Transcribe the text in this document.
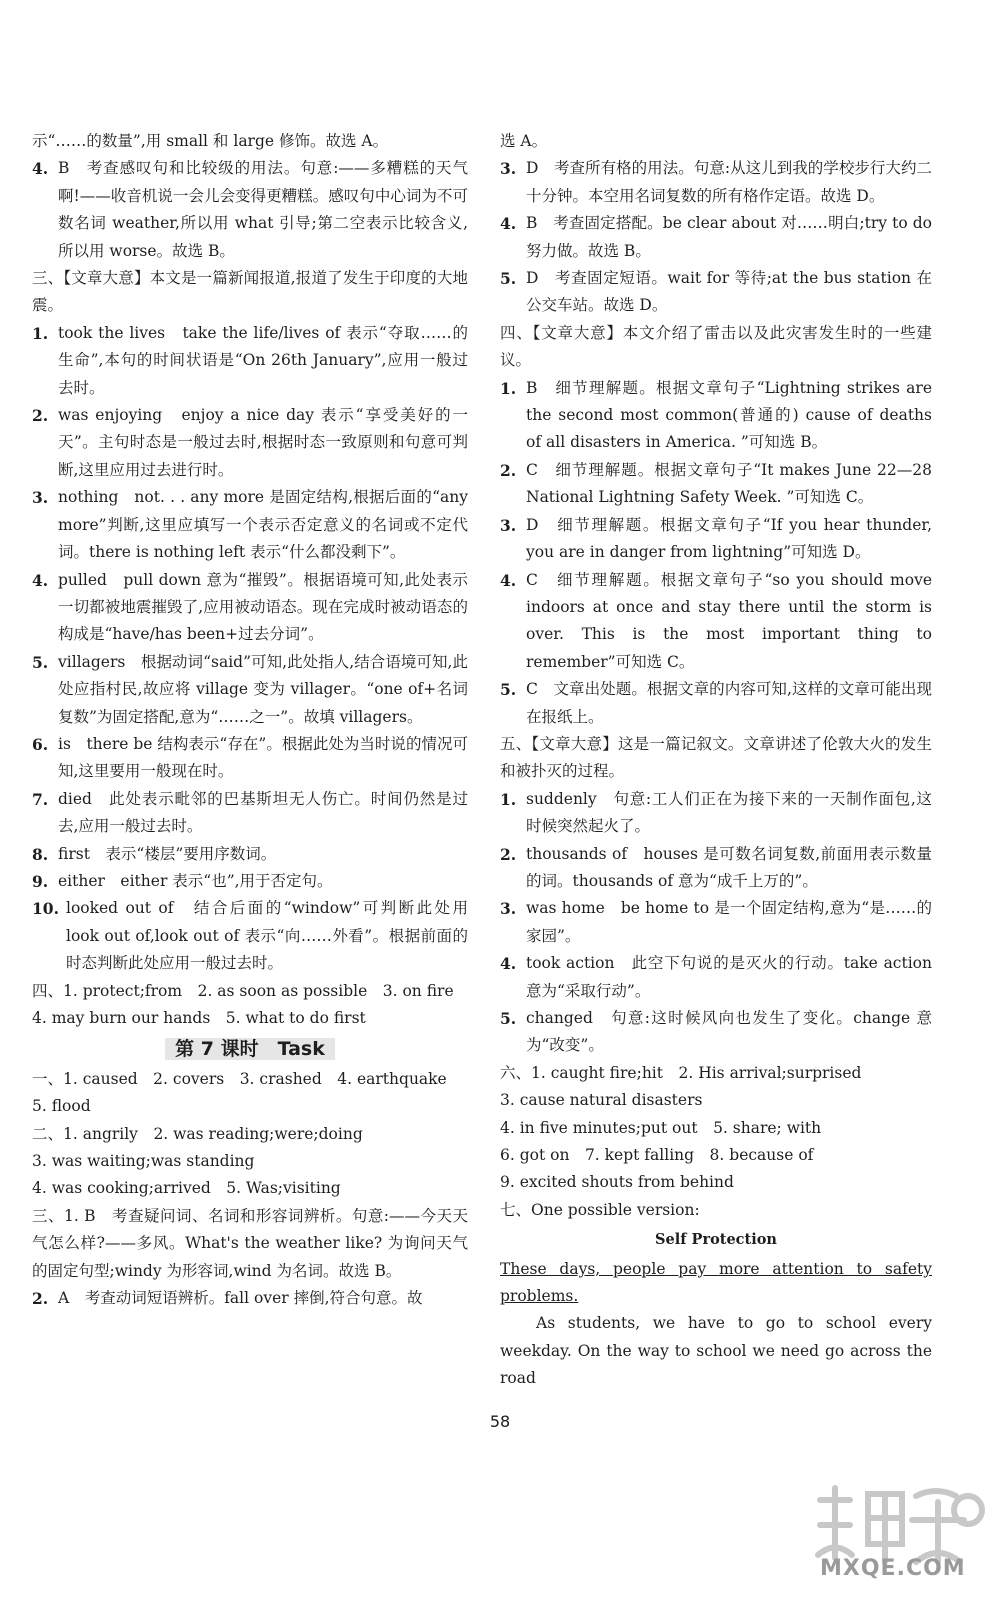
示“……的数量”,用 small 和 large 修饰。故选 A。

4. B　考查感叹句和比较级的用法。句意:——多糟糕的天气啊!——收音机说一会儿会变得更糟糕。感叹句中心词为不可数名词 weather,所以用 what 引导;第二空表示比较含义,所以用 worse。故选 B。

三、【文章大意】本文是一篇新闻报道,报道了发生于印度的大地震。

1. took the lives　take the life/lives of 表示“夺取……的生命”,本句的时间状语是“On 26th January”,应用一般过去时。
2. was enjoying　enjoy a nice day 表示“享受美好的一天”。主句时态是一般过去时,根据时态一致原则和句意可判断,这里应用过去进行时。
3. nothing　not. . . any more 是固定结构,根据后面的“any more”判断,这里应填写一个表示否定意义的名词或不定代词。there is nothing left 表示“什么都没剩下”。
4. pulled　pull down 意为“摧毁”。根据语境可知,此处表示一切都被地震摧毁了,应用被动语态。现在完成时被动语态的构成是“have/has been+过去分词”。
5. villagers　根据动词“said”可知,此处指人,结合语境可知,此处应指村民,故应将 village 变为 villager。“one of+名词复数”为固定搭配,意为“……之一”。故填 villagers。
6. is　there be 结构表示“存在”。根据此处为当时说的情况可知,这里要用一般现在时。
7. died　此处表示毗邻的巴基斯坦无人伤亡。时间仍然是过去,应用一般过去时。
8. first　表示“楼层”要用序数词。
9. either　either 表示“也”,用于否定句。
10. looked out of　结合后面的“window”可判断此处用 look out of,look out of 表示“向……外看”。根据前面的时态判断此处应用一般过去时。

四、1. protect;from　2. as soon as possible　3. on fire

4. may burn our hands　5. what to do first

第 7 课时　Task

一、1. caused　2. covers　3. crashed　4. earthquake

5. flood

二、1. angrily　2. was reading;were;doing

3. was waiting;was standing

4. was cooking;arrived　5. Was;visiting

三、1. B　考查疑问词、名词和形容词辨析。句意:——今天天气怎么样?——多风。What's the weather like? 为询问天气的固定句型;windy 为形容词,wind 为名词。故选 B。

2. A　考查动词短语辨析。fall over 摔倒,符合句意。故

选 A。

3. D　考查所有格的用法。句意:从这儿到我的学校步行大约二十分钟。本空用名词复数的所有格作定语。故选 D。
4. B　考查固定搭配。be clear about 对……明白;try to do 努力做。故选 B。
5. D　考查固定短语。wait for 等待;at the bus station 在公交车站。故选 D。

四、【文章大意】本文介绍了雷击以及此灾害发生时的一些建议。

1. B　细节理解题。根据文章句子“Lightning strikes are the second most common(普通的) cause of deaths of all disasters in America. ”可知选 B。
2. C　细节理解题。根据文章句子“It makes June 22—28 National Lightning Safety Week. ”可知选 C。
3. D　细节理解题。根据文章句子“If you hear thunder, you are in danger from lightning”可知选 D。
4. C　细节理解题。根据文章句子“so you should move indoors at once and stay there until the storm is over. This is the most important thing to remember”可知选 C。
5. C　文章出处题。根据文章的内容可知,这样的文章可能出现在报纸上。

五、【文章大意】这是一篇记叙文。文章讲述了伦敦大火的发生和被扑灭的过程。

1. suddenly　句意:工人们正在为接下来的一天制作面包,这时候突然起火了。
2. thousands of　houses 是可数名词复数,前面用表示数量的词。thousands of 意为“成千上万的”。
3. was home　be home to 是一个固定结构,意为“是……的家园”。
4. took action　此空下句说的是灭火的行动。take action 意为“采取行动”。
5. changed　句意:这时候风向也发生了变化。change 意为“改变”。

六、1. caught fire;hit　2. His arrival;surprised

3. cause natural disasters

4. in five minutes;put out　5. share; with

6. got on　7. kept falling　8. because of

9. excited shouts from behind

七、One possible version:

Self Protection

These days, people pay more attention to safety problems.

As students, we have to go to school every weekday. On the way to school we need go across the road

58
MXQE.COM
